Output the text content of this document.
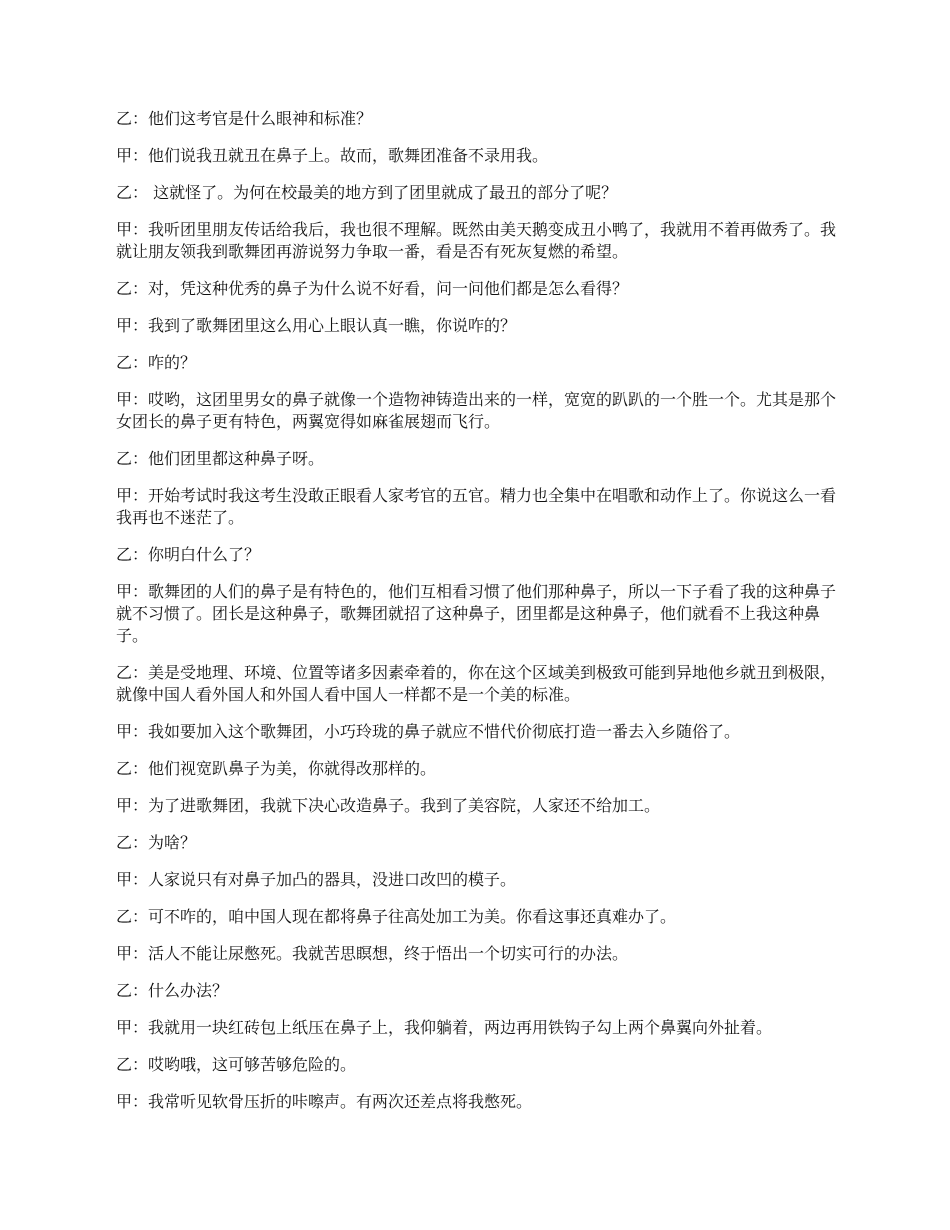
乙：他们这考官是什么眼神和标准？

甲：他们说我丑就丑在鼻子上。故而，歌舞团准备不录用我。

乙： 这就怪了。为何在校最美的地方到了团里就成了最丑的部分了呢？

甲：我听团里朋友传话给我后，我也很不理解。既然由美天鹅变成丑小鸭了，我就用不着再做秀了。我就让朋友领我到歌舞团再游说努力争取一番，看是否有死灰复燃的希望。

乙：对，凭这种优秀的鼻子为什么说不好看，问一问他们都是怎么看得？

甲：我到了歌舞团里这么用心上眼认真一瞧，你说咋的？

乙：咋的？

甲：哎哟，这团里男女的鼻子就像一个造物神铸造出来的一样，宽宽的趴趴的一个胜一个。尤其是那个女团长的鼻子更有特色，两翼宽得如麻雀展翅而飞行。

乙：他们团里都这种鼻子呀。

甲：开始考试时我这考生没敢正眼看人家考官的五官。精力也全集中在唱歌和动作上了。你说这么一看我再也不迷茫了。

乙：你明白什么了？

甲：歌舞团的人们的鼻子是有特色的，他们互相看习惯了他们那种鼻子，所以一下子看了我的这种鼻子就不习惯了。团长是这种鼻子，歌舞团就招了这种鼻子，团里都是这种鼻子，他们就看不上我这种鼻子。

乙：美是受地理、环境、位置等诸多因素牵着的，你在这个区域美到极致可能到异地他乡就丑到极限，就像中国人看外国人和外国人看中国人一样都不是一个美的标准。

甲：我如要加入这个歌舞团，小巧玲珑的鼻子就应不惜代价彻底打造一番去入乡随俗了。

乙：他们视宽趴鼻子为美，你就得改那样的。

甲：为了进歌舞团，我就下决心改造鼻子。我到了美容院，人家还不给加工。

乙：为啥？

甲：人家说只有对鼻子加凸的器具，没进口改凹的模子。

乙：可不咋的，咱中国人现在都将鼻子往高处加工为美。你看这事还真难办了。

甲：活人不能让尿憋死。我就苦思瞑想，终于悟出一个切实可行的办法。

乙：什么办法？

甲：我就用一块红砖包上纸压在鼻子上，我仰躺着，两边再用铁钩子勾上两个鼻翼向外扯着。

乙：哎哟哦，这可够苦够危险的。

甲：我常听见软骨压折的咔嚓声。有两次还差点将我憋死。
